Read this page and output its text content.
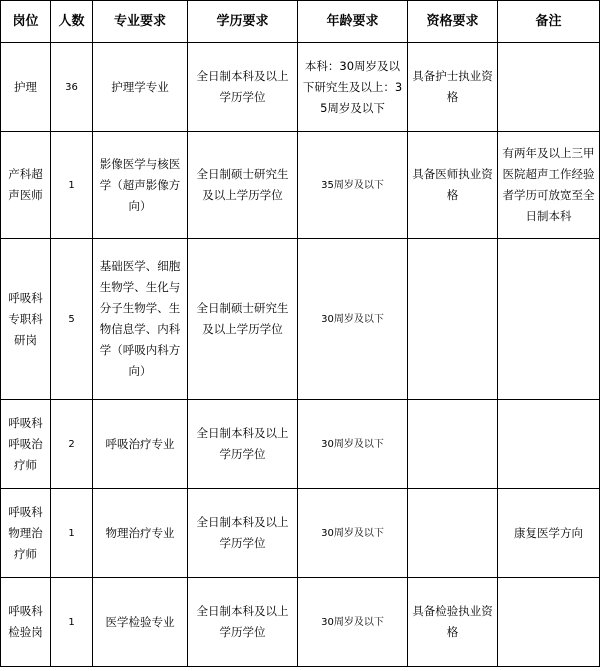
岗位	人数	专业要求	学历要求	年龄要求	资格要求	备注
护理	36	护理学专业	全日制本科及以上学历学位	本科：30周岁及以下研究生及以上：35周岁及以下	具备护士执业资格	
产科超声医师	1	影像医学与核医学（超声影像方向）	全日制硕士研究生及以上学历学位	35周岁及以下	具备医师执业资格	有两年及以上三甲医院超声工作经验者学历可放宽至全日制本科
呼吸科专职科研岗	5	基础医学、细胞生物学、生化与分子生物学、生物信息学、内科学（呼吸内科方向）	全日制硕士研究生及以上学历学位	30周岁及以下		
呼吸科呼吸治疗师	2	呼吸治疗专业	全日制本科及以上学历学位	30周岁及以下		
呼吸科物理治疗师	1	物理治疗专业	全日制本科及以上学历学位	30周岁及以下		康复医学方向
呼吸科检验岗	1	医学检验专业	全日制本科及以上学历学位	30周岁及以下	具备检验执业资格	
